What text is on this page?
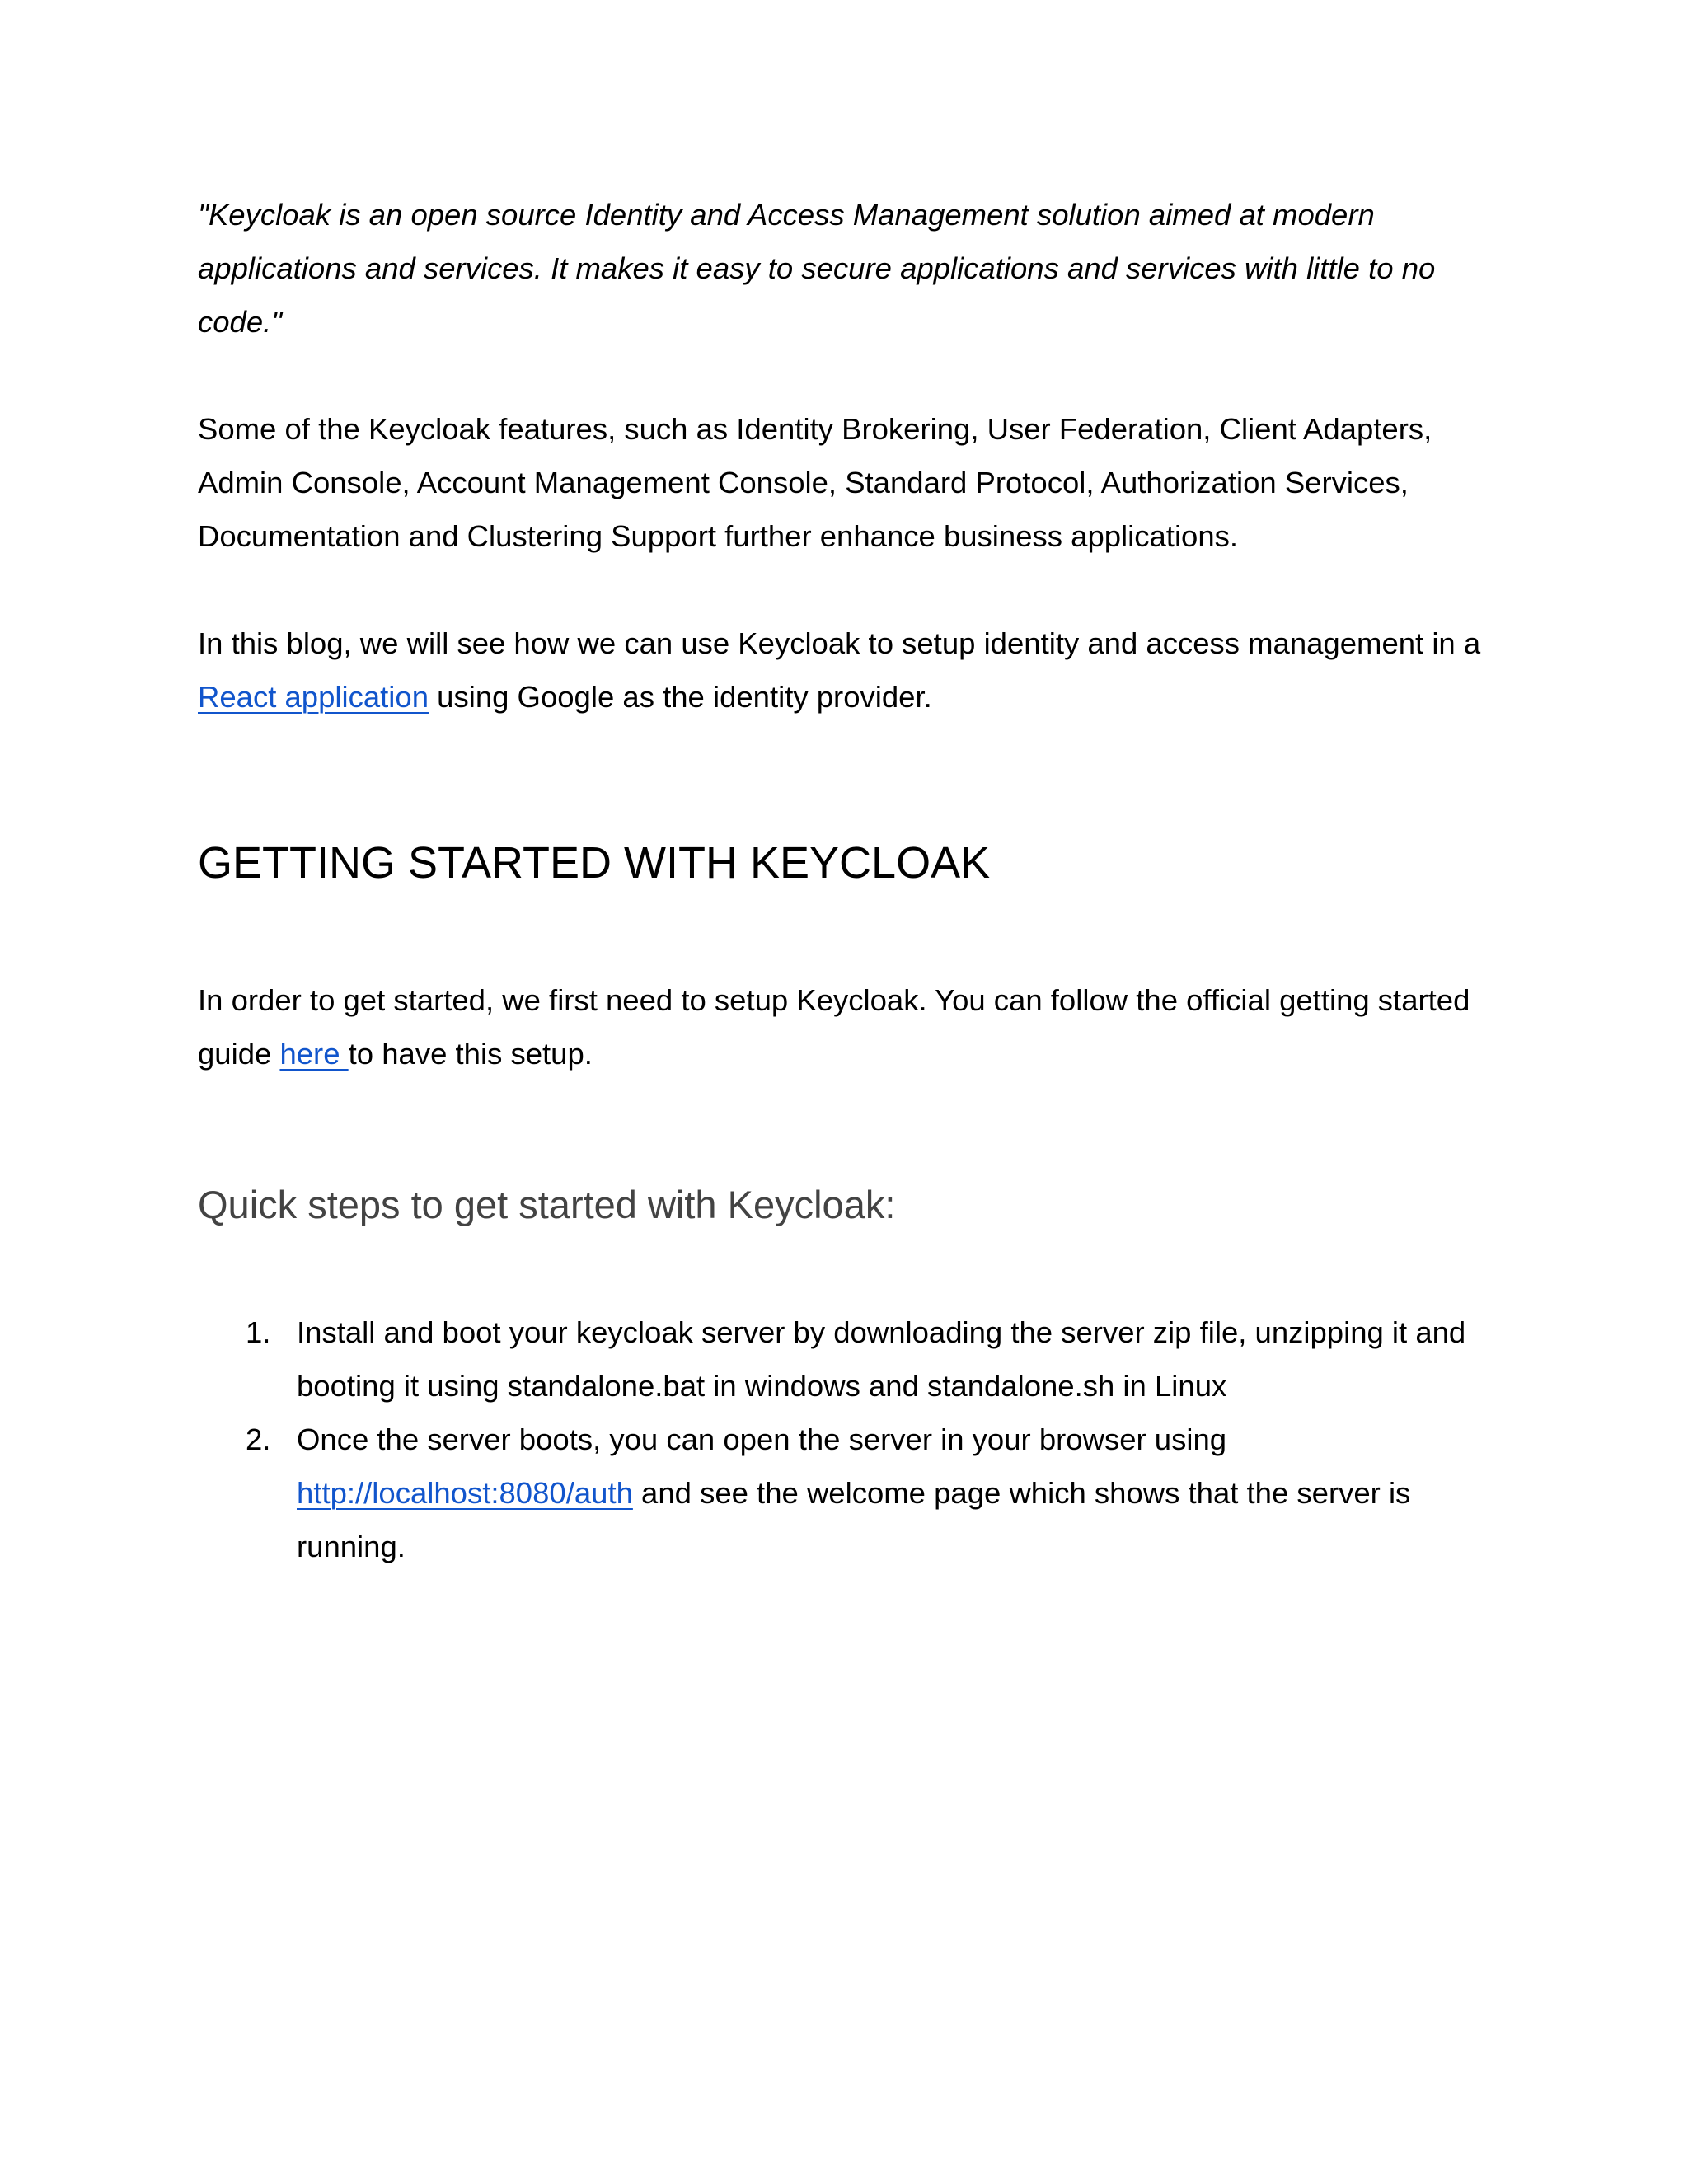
"Keycloak is an open source Identity and Access Management solution aimed at modern applications and services. It makes it easy to secure applications and services with little to no code."

Some of the Keycloak features, such as Identity Brokering, User Federation, Client Adapters, Admin Console, Account Management Console, Standard Protocol, Authorization Services, Documentation and Clustering Support further enhance business applications.

In this blog, we will see how we can use Keycloak to setup identity and access management in a React application using Google as the identity provider.

GETTING STARTED WITH KEYCLOAK

In order to get started, we first need to setup Keycloak. You can follow the official getting started guide here to have this setup.

Quick steps to get started with Keycloak:
1. Install and boot your keycloak server by downloading the server zip file, unzipping it and booting it using standalone.bat in windows and standalone.sh in Linux
2. Once the server boots, you can open the server in your browser using http://localhost:8080/auth and see the welcome page which shows that the server is running.
